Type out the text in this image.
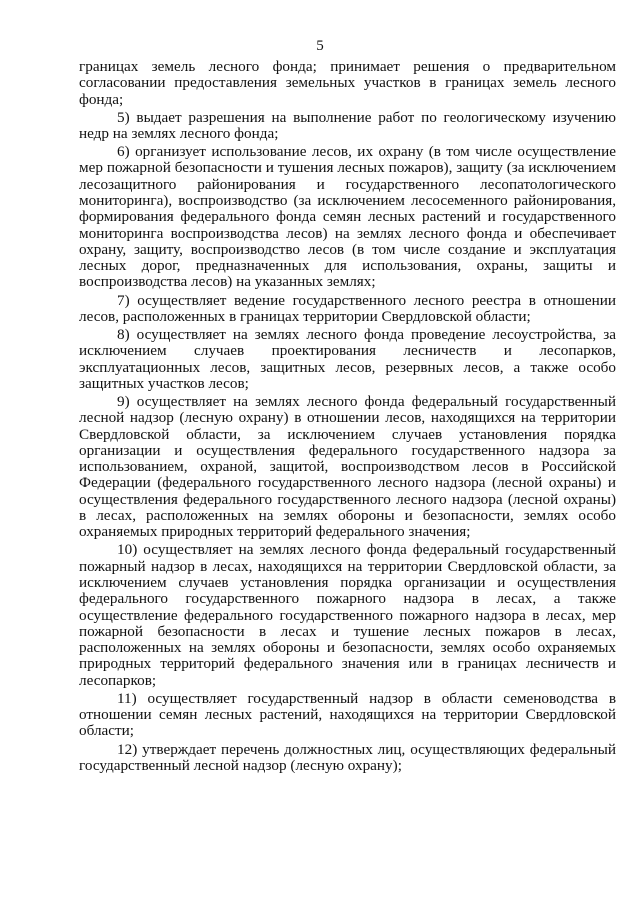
5

границах земель лесного фонда; принимает решения о предварительном согласовании предоставления земельных участков в границах земель лесного фонда;

5) выдает разрешения на выполнение работ по геологическому изучению недр на землях лесного фонда;

6) организует использование лесов, их охрану (в том числе осуществление мер пожарной безопасности и тушения лесных пожаров), защиту (за исключением лесозащитного районирования и государственного лесопатологического мониторинга), воспроизводство (за исключением лесосеменного районирования, формирования федерального фонда семян лесных растений и государственного мониторинга воспроизводства лесов) на землях лесного фонда и обеспечивает охрану, защиту, воспроизводство лесов (в том числе создание и эксплуатация лесных дорог, предназначенных для использования, охраны, защиты и воспроизводства лесов) на указанных землях;

7) осуществляет ведение государственного лесного реестра в отношении лесов, расположенных в границах территории Свердловской области;

8) осуществляет на землях лесного фонда проведение лесоустройства, за исключением случаев проектирования лесничеств и лесопарков, эксплуатационных лесов, защитных лесов, резервных лесов, а также особо защитных участков лесов;

9) осуществляет на землях лесного фонда федеральный государственный лесной надзор (лесную охрану) в отношении лесов, находящихся на территории Свердловской области, за исключением случаев установления порядка организации и осуществления федерального государственного надзора за использованием, охраной, защитой, воспроизводством лесов в Российской Федерации (федерального государственного лесного надзора (лесной охраны) и осуществления федерального государственного лесного надзора (лесной охраны) в лесах, расположенных на землях обороны и безопасности, землях особо охраняемых природных территорий федерального значения;

10) осуществляет на землях лесного фонда федеральный государственный пожарный надзор в лесах, находящихся на территории Свердловской области, за исключением случаев установления порядка организации и осуществления федерального государственного пожарного надзора в лесах, а также осуществление федерального государственного пожарного надзора в лесах, мер пожарной безопасности в лесах и тушение лесных пожаров в лесах, расположенных на землях обороны и безопасности, землях особо охраняемых природных территорий федерального значения или в границах лесничеств и лесопарков;

11) осуществляет государственный надзор в области семеноводства в отношении семян лесных растений, находящихся на территории Свердловской области;

12) утверждает перечень должностных лиц, осуществляющих федеральный государственный лесной надзор (лесную охрану);
